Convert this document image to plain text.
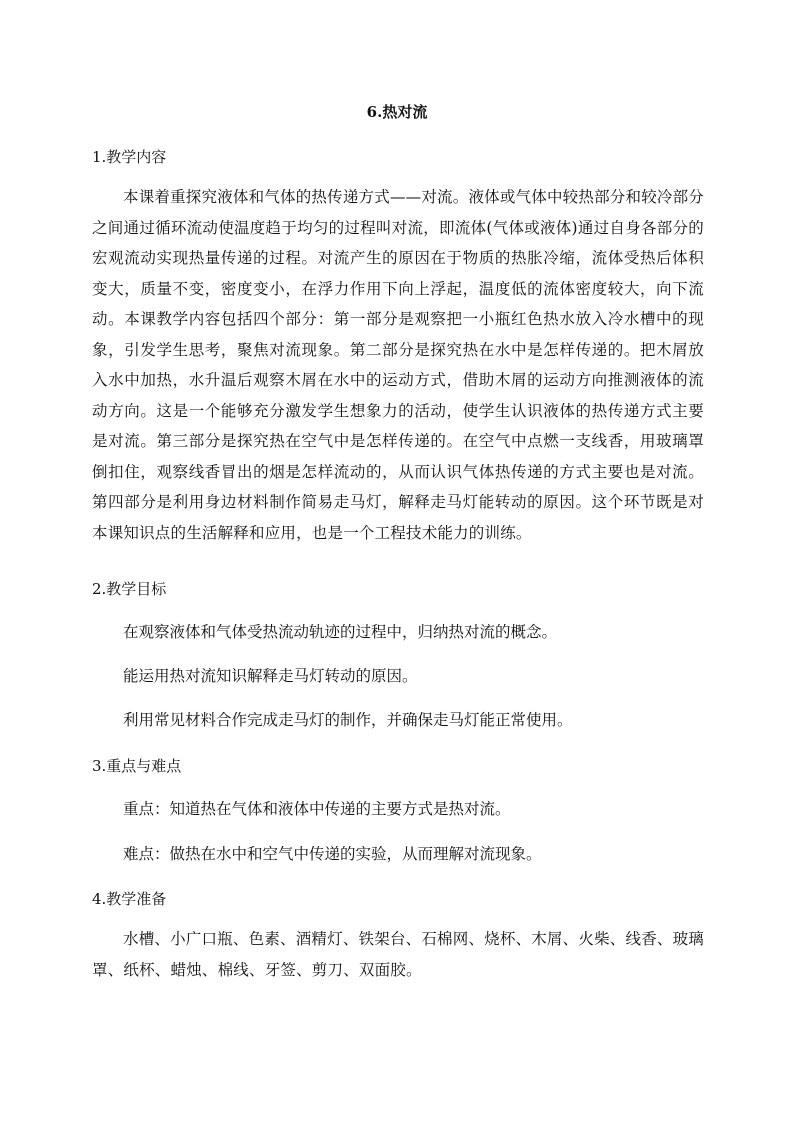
6.热对流
1.教学内容
本课着重探究液体和气体的热传递方式——对流。液体或气体中较热部分和较冷部分之间通过循环流动使温度趋于均匀的过程叫对流，即流体(气体或液体)通过自身各部分的宏观流动实现热量传递的过程。对流产生的原因在于物质的热胀冷缩，流体受热后体积变大，质量不变，密度变小，在浮力作用下向上浮起，温度低的流体密度较大，向下流动。本课教学内容包括四个部分：第一部分是观察把一小瓶红色热水放入冷水槽中的现象，引发学生思考，聚焦对流现象。第二部分是探究热在水中是怎样传递的。把木屑放入水中加热，水升温后观察木屑在水中的运动方式，借助木屑的运动方向推测液体的流动方向。这是一个能够充分激发学生想象力的活动，使学生认识液体的热传递方式主要是对流。第三部分是探究热在空气中是怎样传递的。在空气中点燃一支线香，用玻璃罩倒扣住，观察线香冒出的烟是怎样流动的，从而认识气体热传递的方式主要也是对流。第四部分是利用身边材料制作简易走马灯，解释走马灯能转动的原因。这个环节既是对本课知识点的生活解释和应用，也是一个工程技术能力的训练。
2.教学目标
在观察液体和气体受热流动轨迹的过程中，归纳热对流的概念。
能运用热对流知识解释走马灯转动的原因。
利用常见材料合作完成走马灯的制作，并确保走马灯能正常使用。
3.重点与难点
重点：知道热在气体和液体中传递的主要方式是热对流。
难点：做热在水中和空气中传递的实验，从而理解对流现象。
4.教学准备
水槽、小广口瓶、色素、酒精灯、铁架台、石棉网、烧杯、木屑、火柴、线香、玻璃罩、纸杯、蜡烛、棉线、牙签、剪刀、双面胶。
